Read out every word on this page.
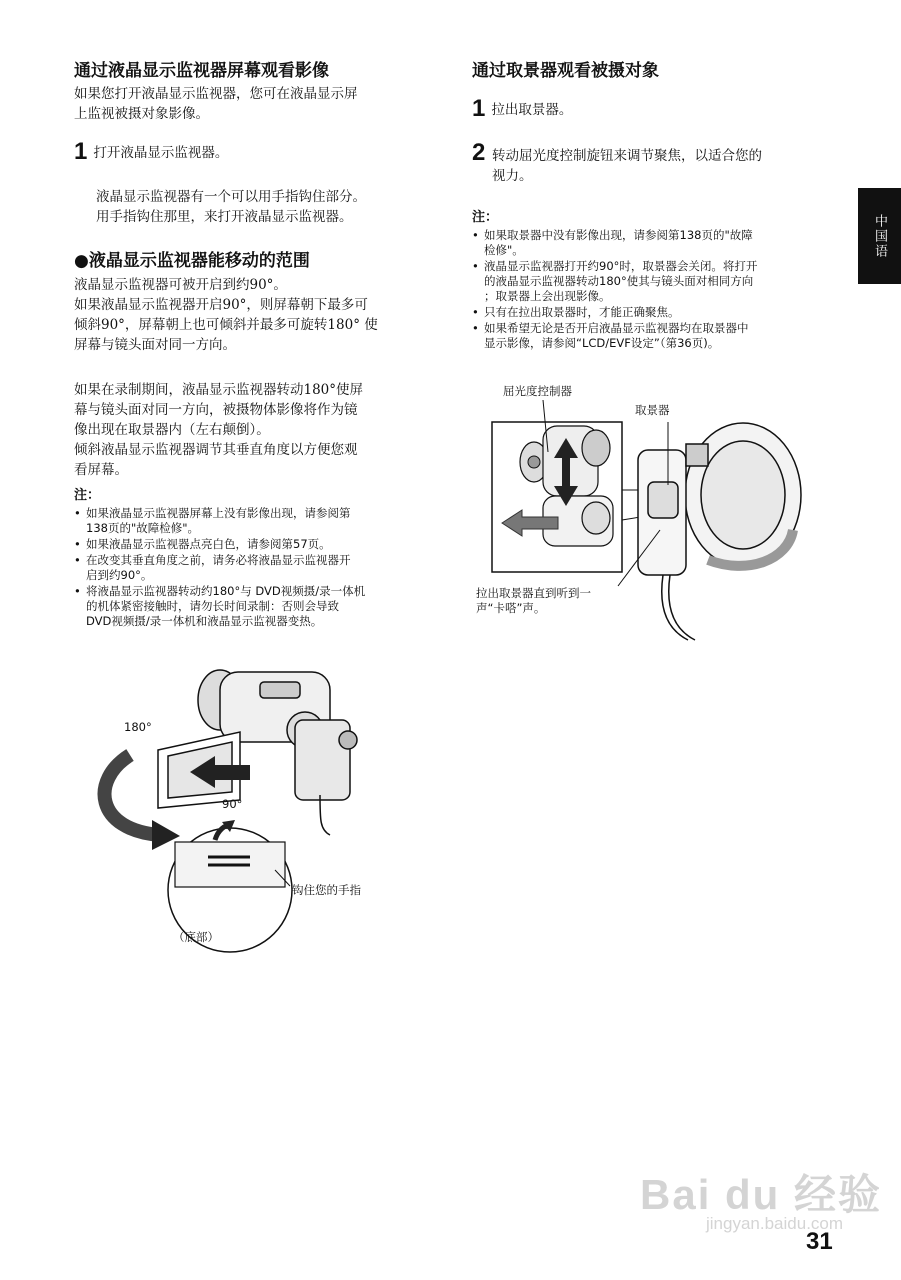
通过液晶显示监视器屏幕观看影像
如果您打开液晶显示监视器，您可在液晶显示屏
上监视被摄对象影像。
1 打开液晶显示监视器。
液晶显示监视器有一个可以用手指钩住部分。
用手指钩住那里，来打开液晶显示监视器。
●液晶显示监视器能移动的范围
液晶显示监视器可被开启到约90°。
如果液晶显示监视器开启90°，则屏幕朝下最多可
倾斜90°，屏幕朝上也可倾斜并最多可旋转180° 使
屏幕与镜头面对同一方向。
如果在录制期间，液晶显示监视器转动180°使屏
幕与镜头面对同一方向，被摄物体影像将作为镜
像出现在取景器内（左右颠倒）。
倾斜液晶显示监视器调节其垂直角度以方便您观
看屏幕。
注：
• 如果液晶显示监视器屏幕上没有影像出现，请参阅第
138页的"故障检修"。
• 如果液晶显示监视器点亮白色，请参阅第57页。
• 在改变其垂直角度之前，请务必将液晶显示监视器开
启到约90°。
• 将液晶显示监视器转动约180°与 DVD视频摄/录一体机
的机体紧密接触时，请勿长时间录制：否则会导致
DVD视频摄/录一体机和液晶显示监视器变热。
180°
90°
钩住您的手指
（底部）
通过取景器观看被摄对象
1 拉出取景器。
2 转动屈光度控制旋钮来调节聚焦，以适合您的
视力。
注：
• 如果取景器中没有影像出现，请参阅第138页的"故障
检修"。
• 液晶显示监视器打开约90°时，取景器会关闭。将打开
的液晶显示监视器转动180°使其与镜头面对相同方向
；取景器上会出现影像。
• 只有在拉出取景器时，才能正确聚焦。
• 如果希望无论是否开启液晶显示监视器均在取景器中
显示影像，请参阅“LCD/EVF设定”（第36页)。
屈光度控制器
取景器
拉出取景器直到听到一
声“卡嗒”声。
中国语
Bai du 经验
jingyan.baidu.com
31
